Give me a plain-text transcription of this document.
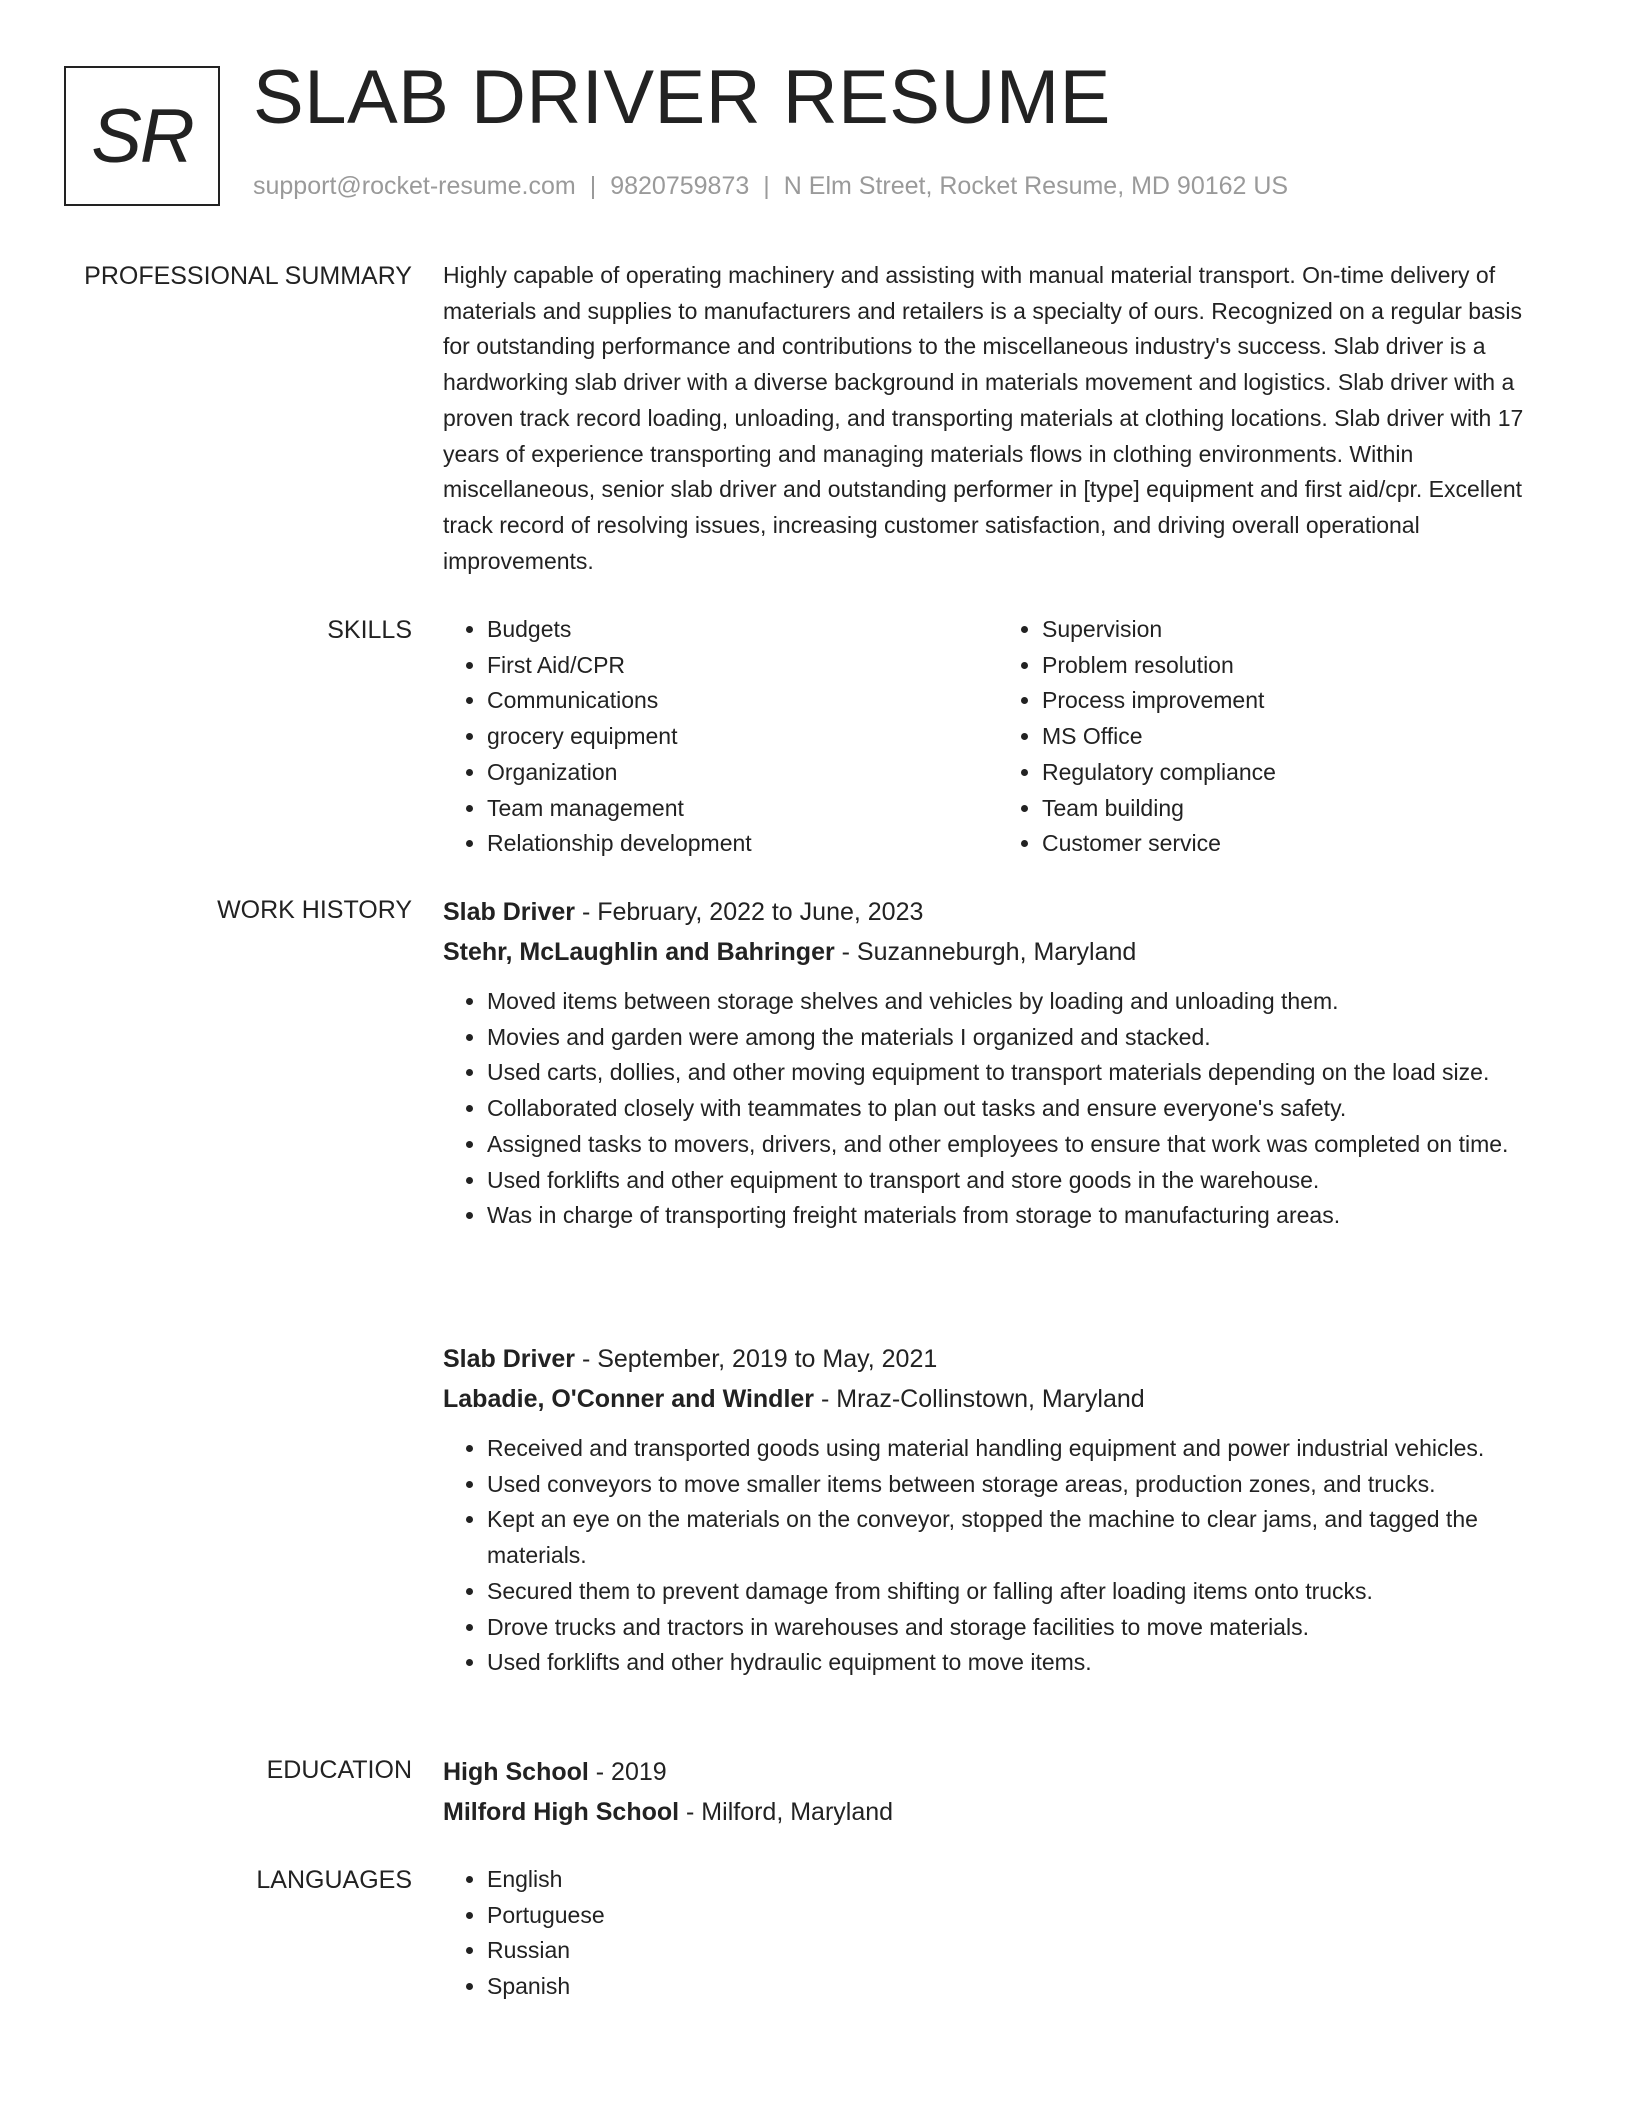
SR SLAB DRIVER RESUME
support@rocket-resume.com | 9820759873 | N Elm Street, Rocket Resume, MD 90162 US
PROFESSIONAL SUMMARY Highly capable of operating machinery and assisting with manual material transport. On-time delivery of materials and supplies to manufacturers and retailers is a specialty of ours. Recognized on a regular basis for outstanding performance and contributions to the miscellaneous industry's success. Slab driver is a hardworking slab driver with a diverse background in materials movement and logistics. Slab driver with a proven track record loading, unloading, and transporting materials at clothing locations. Slab driver with 17 years of experience transporting and managing materials flows in clothing environments. Within miscellaneous, senior slab driver and outstanding performer in [type] equipment and first aid/cpr. Excellent track record of resolving issues, increasing customer satisfaction, and driving overall operational improvements.

SKILLS	• Budgets
• First Aid/CPR
• Communications
• grocery equipment
• Organization
• Team management
• Relationship development
• Supervision
• Problem resolution
• Process improvement
• MS Office
• Regulatory compliance
• Team building
• Customer service
WORK HISTORY Slab Driver - February, 2022 to June, 2023
Stehr, McLaughlin and Bahringer - Suzanneburgh, Maryland
• Moved items between storage shelves and vehicles by loading and unloading them.
• Movies and garden were among the materials I organized and stacked.
• Used carts, dollies, and other moving equipment to transport materials depending on the load size.
• Collaborated closely with teammates to plan out tasks and ensure everyone's safety.
• Assigned tasks to movers, drivers, and other employees to ensure that work was completed on time.
• Used forklifts and other equipment to transport and store goods in the warehouse.
• Was in charge of transporting freight materials from storage to manufacturing areas.
Slab Driver - September, 2019 to May, 2021
Labadie, O'Conner and Windler - Mraz-Collinstown, Maryland
• Received and transported goods using material handling equipment and power industrial vehicles.
• Used conveyors to move smaller items between storage areas, production zones, and trucks.
• Kept an eye on the materials on the conveyor, stopped the machine to clear jams, and tagged the materials.
• Secured them to prevent damage from shifting or falling after loading items onto trucks.
• Drove trucks and tractors in warehouses and storage facilities to move materials.
• Used forklifts and other hydraulic equipment to move items.
EDUCATION High School - 2019
Milford High School - Milford, Maryland
LANGUAGES	• English
• Portuguese
• Russian
• Spanish
